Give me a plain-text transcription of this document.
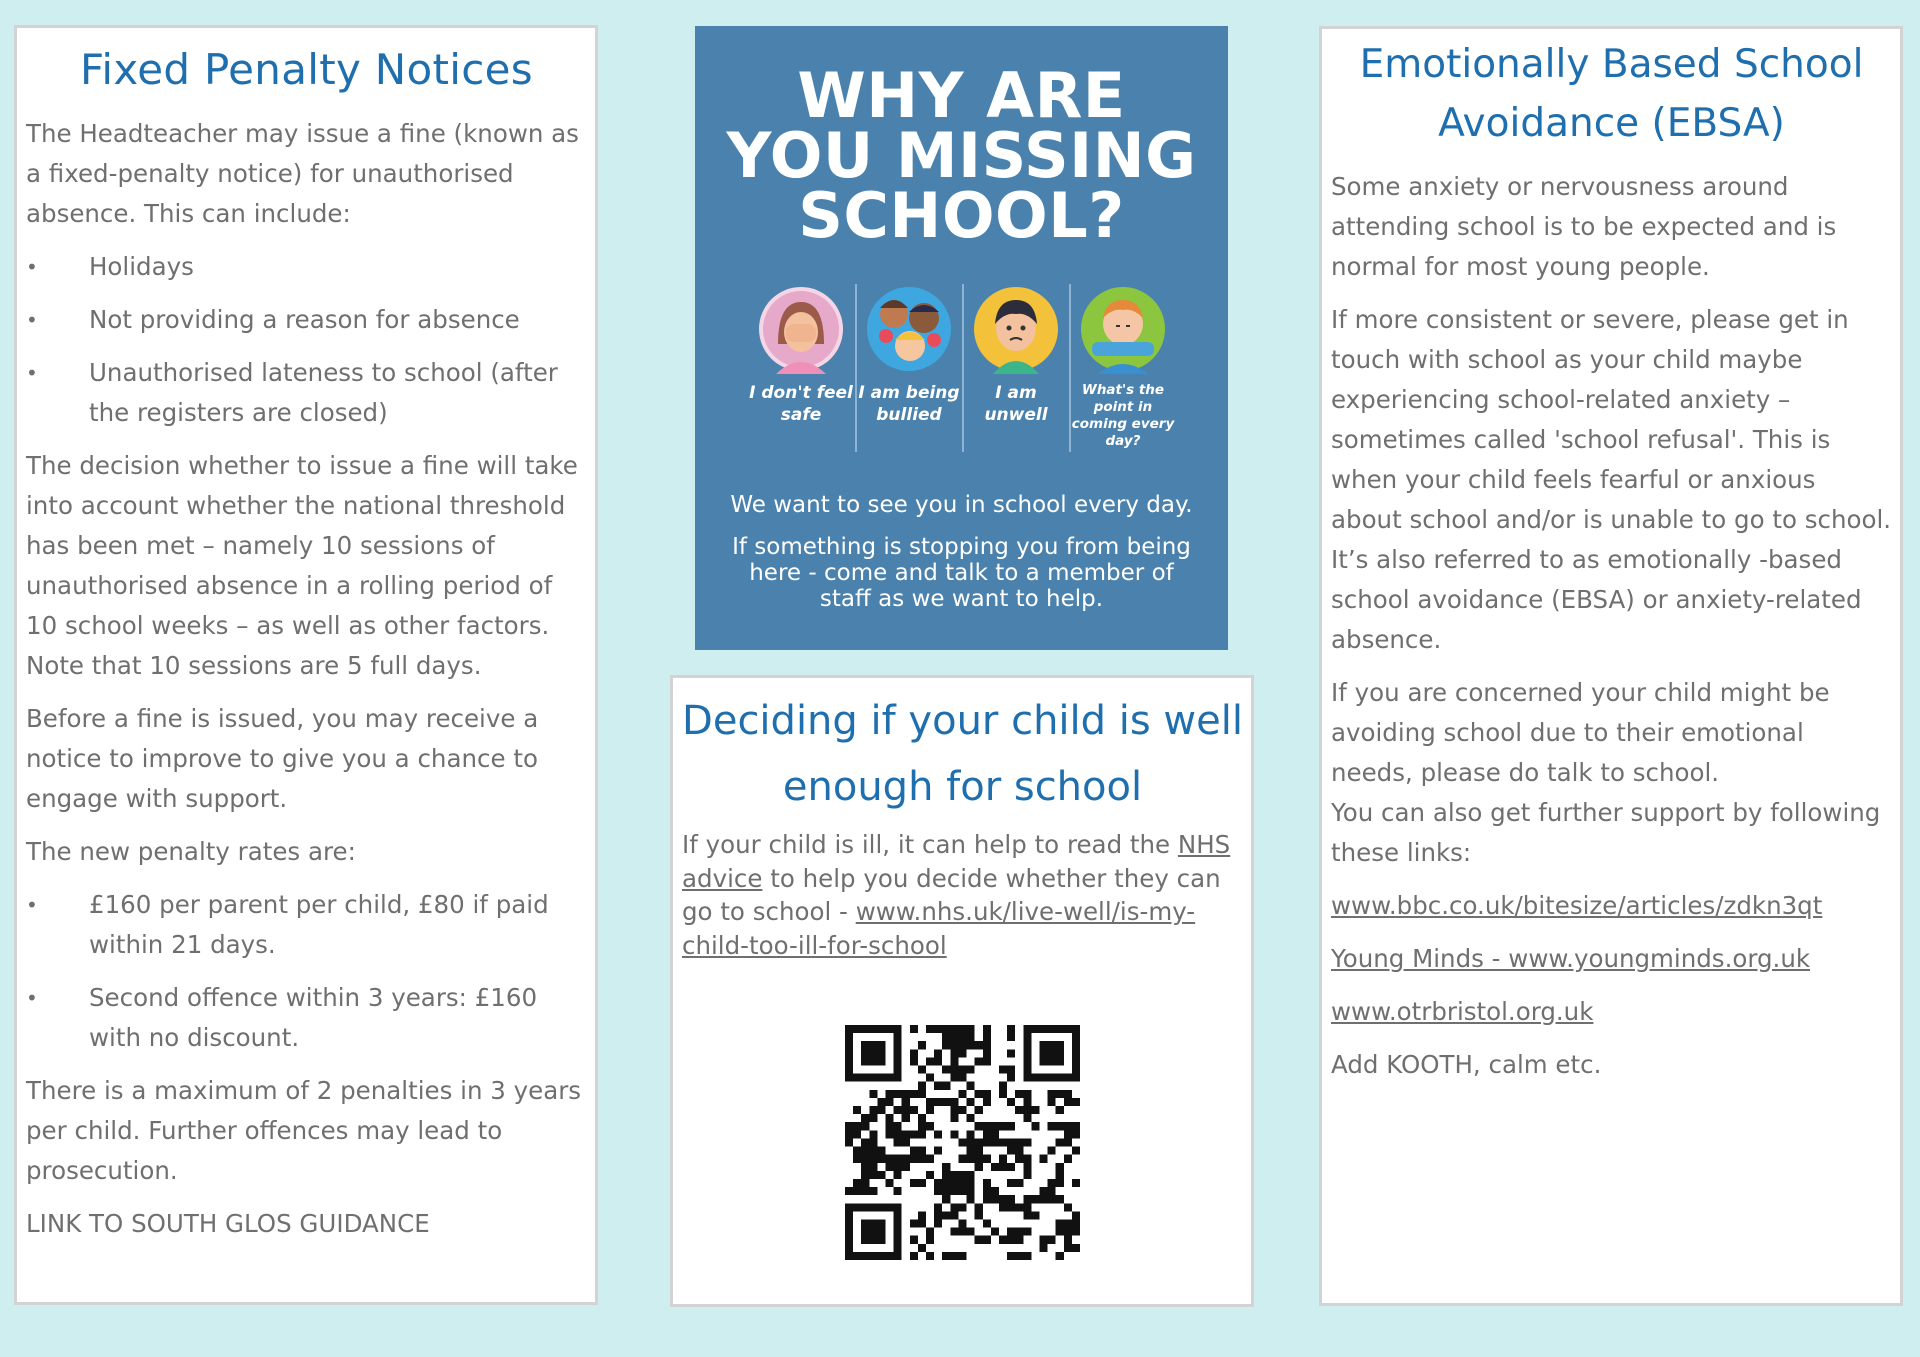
Fixed Penalty Notices

The Headteacher may issue a fine (known as a fixed-penalty notice) for unauthorised absence. This can include:

• Holidays
• Not providing a reason for absence
• Unauthorised lateness to school (after the registers are closed)

The decision whether to issue a fine will take into account whether the national threshold has been met – namely 10 sessions of unauthorised absence in a rolling period of 10 school weeks – as well as other factors. Note that 10 sessions are 5 full days.

Before a fine is issued, you may receive a notice to improve to give you a chance to engage with support.

The new penalty rates are:

• £160 per parent per child, £80 if paid within 21 days.
• Second offence within 3 years: £160 with no discount.

There is a maximum of 2 penalties in 3 years per child. Further offences may lead to prosecution.

LINK TO SOUTH GLOS GUIDANCE

WHY ARE
YOU MISSING
SCHOOL?
I don't feel safe
I am being bullied
I am unwell
What's the point in coming every day?
We want to see you in school every day.
If something is stopping you from being here - come and talk to a member of staff as we want to help.
Deciding if your child is well enough for school

If your child is ill, it can help to read the NHS advice to help you decide whether they can go to school - www.nhs.uk/live-well/is-my-child-too-ill-for-school

Emotionally Based School Avoidance (EBSA)

Some anxiety or nervousness around attending school is to be expected and is normal for most young people.

If more consistent or severe, please get in touch with school as your child maybe experiencing school-related anxiety – sometimes called 'school refusal'. This is when your child feels fearful or anxious about school and/or is unable to go to school. It’s also referred to as emotionally -based school avoidance (EBSA) or anxiety-related absence.

If you are concerned your child might be avoiding school due to their emotional needs, please do talk to school.

You can also get further support by following these links:

www.bbc.co.uk/bitesize/articles/zdkn3qt

Young Minds - www.youngminds.org.uk

www.otrbristol.org.uk

Add KOOTH, calm etc.
